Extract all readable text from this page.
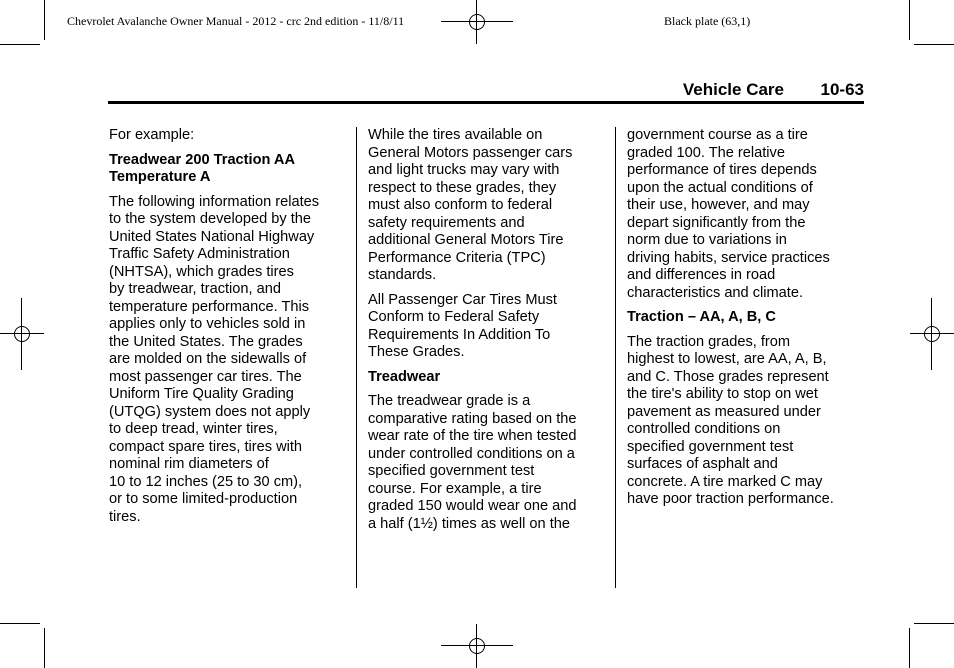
Chevrolet Avalanche Owner Manual - 2012 - crc 2nd edition - 11/8/11	Black plate (63,1)
Vehicle Care 10-63

For example:

Treadwear 200 Traction AA
Temperature A

The following information relates
to the system developed by the
United States National Highway
Traffic Safety Administration
(NHTSA), which grades tires
by treadwear, traction, and
temperature performance. This
applies only to vehicles sold in
the United States. The grades
are molded on the sidewalls of
most passenger car tires. The
Uniform Tire Quality Grading
(UTQG) system does not apply
to deep tread, winter tires,
compact spare tires, tires with
nominal rim diameters of
10 to 12 inches (25 to 30 cm),
or to some limited-production
tires.

While the tires available on
General Motors passenger cars
and light trucks may vary with
respect to these grades, they
must also conform to federal
safety requirements and
additional General Motors Tire
Performance Criteria (TPC)
standards.

All Passenger Car Tires Must
Conform to Federal Safety
Requirements In Addition To
These Grades.

Treadwear

The treadwear grade is a
comparative rating based on the
wear rate of the tire when tested
under controlled conditions on a
specified government test
course. For example, a tire
graded 150 would wear one and
a half (1½) times as well on the

government course as a tire
graded 100. The relative
performance of tires depends
upon the actual conditions of
their use, however, and may
depart significantly from the
norm due to variations in
driving habits, service practices
and differences in road
characteristics and climate.

Traction – AA, A, B, C

The traction grades, from
highest to lowest, are AA, A, B,
and C. Those grades represent
the tire's ability to stop on wet
pavement as measured under
controlled conditions on
specified government test
surfaces of asphalt and
concrete. A tire marked C may
have poor traction performance.
